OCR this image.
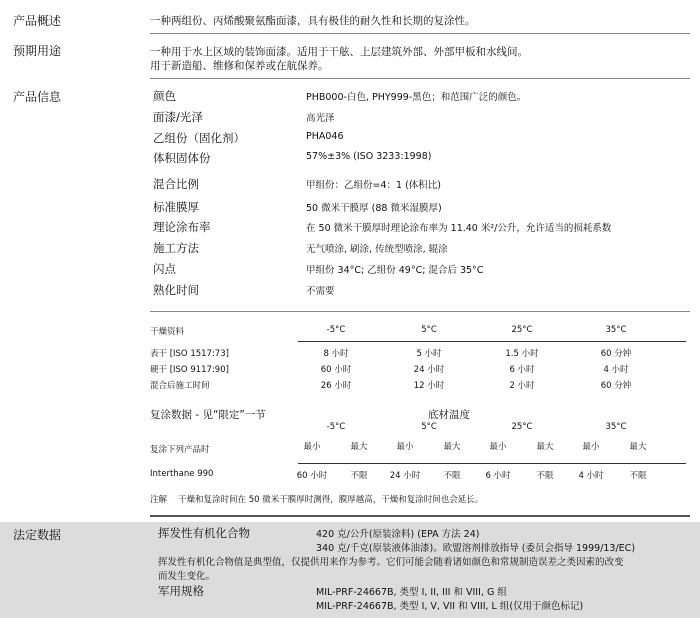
产品概述	一种两组份、丙烯酸聚氨酯面漆，具有极佳的耐久性和长期的复涂性。
预期用途	一种用于水上区域的装饰面漆。适用于干舷、上层建筑外部、外部甲板和水线间。
用于新造船、维修和保养或在航保养。
产品信息	颜色	PHB000-白色, PHY999-黑色；和范围广泛的颜色。
面漆/光泽	高光泽
乙组份（固化剂）	PHA046
体积固体份	57%±3% (ISO 3233:1998)
混合比例	甲组份：乙组份=4：1 (体积比)
标准膜厚	50 微米干膜厚 (88 微米湿膜厚)
理论涂布率	在 50 微米干膜厚时理论涂布率为 11.40 米²/公升，允许适当的损耗系数
施工方法	无气喷涂, 刷涂, 传统型喷涂, 辊涂
闪点	甲组份 34°C; 乙组份 49°C; 混合后 35°C
熟化时间	不需要
干燥资料	-5°C	5°C	25°C	35°C
表干 [ISO 1517:73]	8 小时	5 小时	1.5 小时	60 分钟
硬干 [ISO 9117:90]	60 小时	24 小时	6 小时	4 小时
混合后施工时间	26 小时	12 小时	2 小时	60 分钟
复涂数据 - 见“限定”一节	底材温度
-5°C	5°C	25°C	35°C
复涂下列产品时	最小	最大	最小	最大	最小	最大	最小	最大
Interthane 990	60 小时	不限	24 小时	不限	6 小时	不限	4 小时	不限
注解 干燥和复涂时间在 50 微米干膜厚时测得，膜厚越高，干燥和复涂时间也会延长。
法定数据	挥发性有机化合物	420 克/公升(原装涂料) (EPA 方法 24)
340 克/千克(原装液体油漆)。欧盟溶剂排放指导 (委员会指导 1999/13/EC)
挥发性有机化合物值是典型值，仅提供用来作为参考。它们可能会随着诸如颜色和常规制造误差之类因素的改变
而发生变化。
军用规格	MIL-PRF-24667B, 类型 I, II, III 和 VIII, G 组
MIL-PRF-24667B, 类型 I, V, VII 和 VIII, L 组(仅用于颜色标记)
